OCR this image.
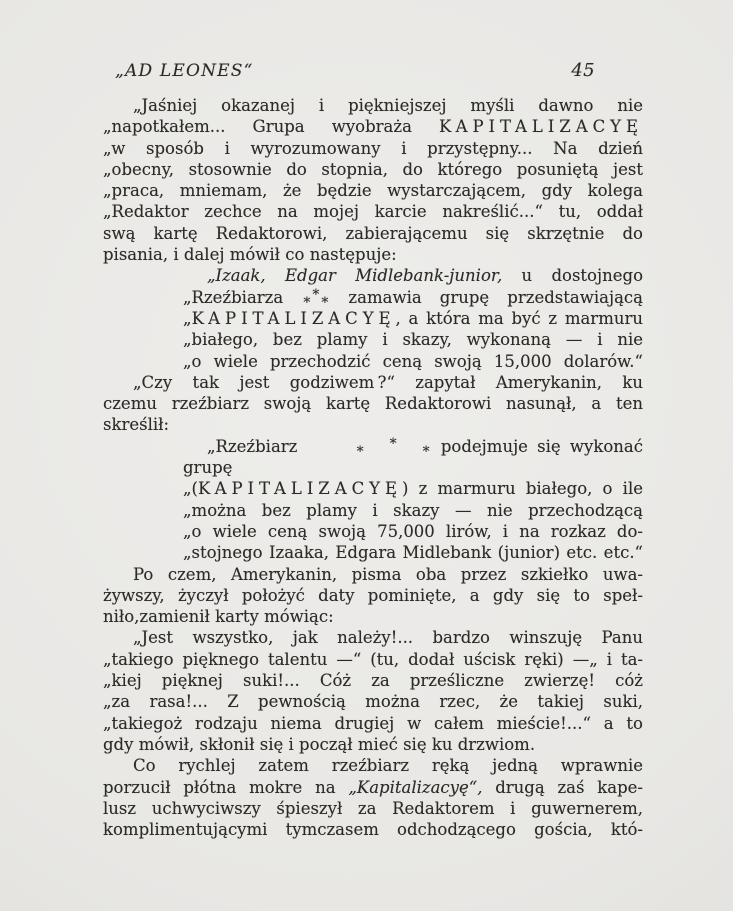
„AD LEONES“	45
„Jaśniej okazanej i piękniejszej myśli dawno nie
„napotkałem... Grupa wyobraża KAPITALIZACYĘ
„w sposób i wyrozumowany i przystępny... Na dzień
„obecny, stosownie do stopnia, do którego posuniętą jest
„praca, mniemam, że będzie wystarczającem, gdy kolega
„Redaktor zechce na mojej karcie nakreślić...“ tu, oddał
swą kartę Redaktorowi, zabierającemu się skrzętnie do
pisania, i dalej mówił co następuje:
„Izaak, Edgar Midlebank-junior, u dostojnego
„Rzeźbiarza * * * zamawia grupę przedstawiającą
„KAPITALIZACYĘ, a która ma być z marmuru
„białego, bez plamy i skazy, wykonaną — i nie
„o wiele przechodzić ceną swoją 15,000 dolarów.“
„Czy tak jest godziwem ?“ zapytał Amerykanin, ku
czemu rzeźbiarz swoją kartę Redaktorowi nasunął, a ten
skreślił:
„Rzeźbiarz	* * * podejmuje się wykonać grupę
„(KAPITALIZACYĘ) z marmuru białego, o ile
„można bez plamy i skazy — nie przechodzącą
„o wiele ceną swoją 75,000 lirów, i na rozkaz do-
„stojnego Izaaka, Edgara Midlebank (junior) etc. etc.“
Po czem, Amerykanin, pisma oba przez szkiełko uwa-
żywszy, życzył położyć daty pominięte, a gdy się to speł-
niło,zamienił karty mówiąc:
„Jest wszystko, jak należy!... bardzo winszuję Panu
„takiego pięknego talentu —“ (tu, dodał uścisk ręki) —„ i ta-
„kiej pięknej suki!... Cóż za prześliczne zwierzę! cóż
„za rasa!... Z pewnością można rzec, że takiej suki,
„takiegoż rodzaju niema drugiej w całem mieście!...“ a to
gdy mówił, skłonił się i począł mieć się ku drzwiom.
Co rychlej zatem rzeźbiarz ręką jedną wprawnie
porzucił płótna mokre na „Kapitalizacyę“, drugą zaś kape-
lusz uchwyciwszy śpieszył za Redaktorem i guwernerem,
komplimentującymi tymczasem odchodzącego gościa, któ-
